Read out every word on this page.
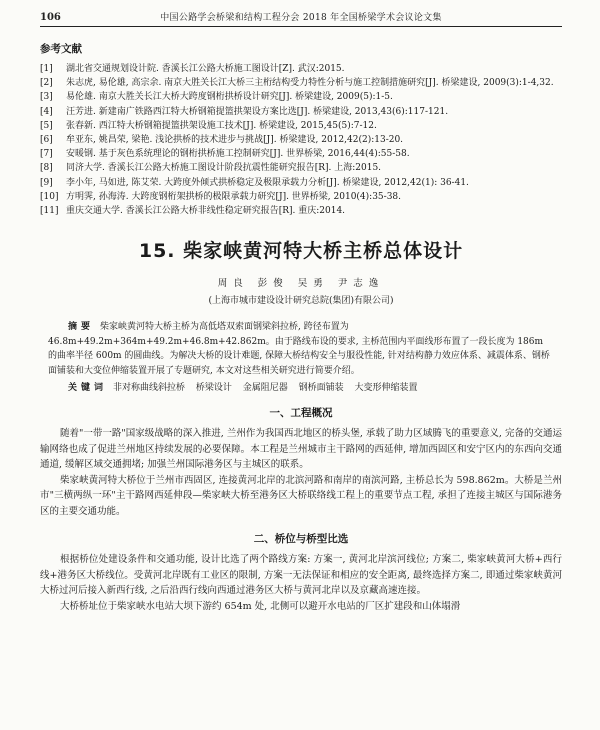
106	中国公路学会桥梁和结构工程分会 2018 年全国桥梁学术会议论文集
参考文献
[1]	湖北省交通规划设计院. 香溪长江公路大桥施工图设计[Z]. 武汉:2015.
[2]	朱志虎, 易伦雄, 高宗余. 南京大胜关长江大桥三主桁结构受力特性分析与施工控制措施研究[J]. 桥梁建设, 2009(3):1-4,32.
[3]	易伦雄. 南京大胜关长江大桥大跨度钢桁拱桥设计研究[J]. 桥梁建设, 2009(5):1-5.
[4]	汪芳进. 新建南广铁路西江特大桥钢箱提篮拱架设方案比选[J]. 桥梁建设, 2013,43(6):117-121.
[5]	张春新. 西江特大桥钢箱提篮拱架设施工技术[J]. 桥梁建设, 2015,45(5):7-12.
[6]	牟亚东, 姚昌荣, 梁艳. 浅论拱桥的技术进步与挑战[J]. 桥梁建设, 2012,42(2):13-20.
[7]	安暖钢. 基于灰色系统理论的钢桁拱桥施工控制研究[J]. 世界桥梁, 2016,44(4):55-58.
[8]	同济大学. 香溪长江公路大桥施工图设计阶段抗震性能研究报告[R]. 上海:2015.
[9]	李小年, 马如进, 陈艾荣. 大跨度外倾式拱桥稳定及极限承载力分析[J]. 桥梁建设, 2012,42(1): 36-41.
[10] 方明霁, 孙海涛. 大跨度钢桁架拱桥的极限承载力研究[J]. 世界桥梁, 2010(4):35-38.
[11] 重庆交通大学. 香溪长江公路大桥非线性稳定研究报告[R]. 重庆:2014.
15. 柴家峡黄河特大桥主桥总体设计
周良 彭俊 吴勇 尹志逸
(上海市城市建设设计研究总院(集团)有限公司)

摘要 柴家峡黄河特大桥主桥为高低塔双索面钢梁斜拉桥, 跨径布置为 46.8m+49.2m+364m+49.2m+46.8m+42.862m。由于路线布设的要求, 主桥范围内平面线形布置了一段长度为 186m 的曲率半径 600m 的圆曲线。为解决大桥的设计难题, 保障大桥结构安全与服役性能, 针对结构静力效应体系、减震体系、钢桥面铺装和大变位伸缩装置开展了专题研究, 本文对这些相关研究进行简要介绍。

关键词 非对称曲线斜拉桥 桥梁设计 金属阻尼器 钢桥面铺装 大变形伸缩装置
一、工程概况

随着"一带一路"国家级战略的深入推进, 兰州作为我国西北地区的桥头堡, 承载了助力区域腾飞的重要意义, 完备的交通运输网络也成了促进兰州地区持续发展的必要保障。本工程是兰州城市主干路网的西延伸, 增加西固区和安宁区内的东西向交通通道, 缓解区域交通拥堵; 加强兰州国际港务区与主城区的联系。

柴家峡黄河特大桥位于兰州市西固区, 连接黄河北岸的北滨河路和南岸的南滨河路, 主桥总长为 598.862m。大桥是兰州市"三横两纵一环"主干路网西延伸段—柴家峡大桥至港务区大桥联络线工程上的重要节点工程, 承担了连接主城区与国际港务区的主要交通功能。

二、桥位与桥型比选

根据桥位处建设条件和交通功能, 设计比选了两个路线方案: 方案一, 黄河北岸滨河线位; 方案二, 柴家峡黄河大桥+西行线+港务区大桥线位。受黄河北岸既有工业区的限制, 方案一无法保证和相应的安全距离, 最终选择方案二, 即通过柴家峡黄河大桥过河后接入新西行线, 之后沿西行线向西通过港务区大桥与黄河北岸以及京藏高速连接。

大桥桥址位于柴家峡水电站大坝下游约 654m 处, 北侧可以避开水电站的厂区扩建段和山体塌滑
